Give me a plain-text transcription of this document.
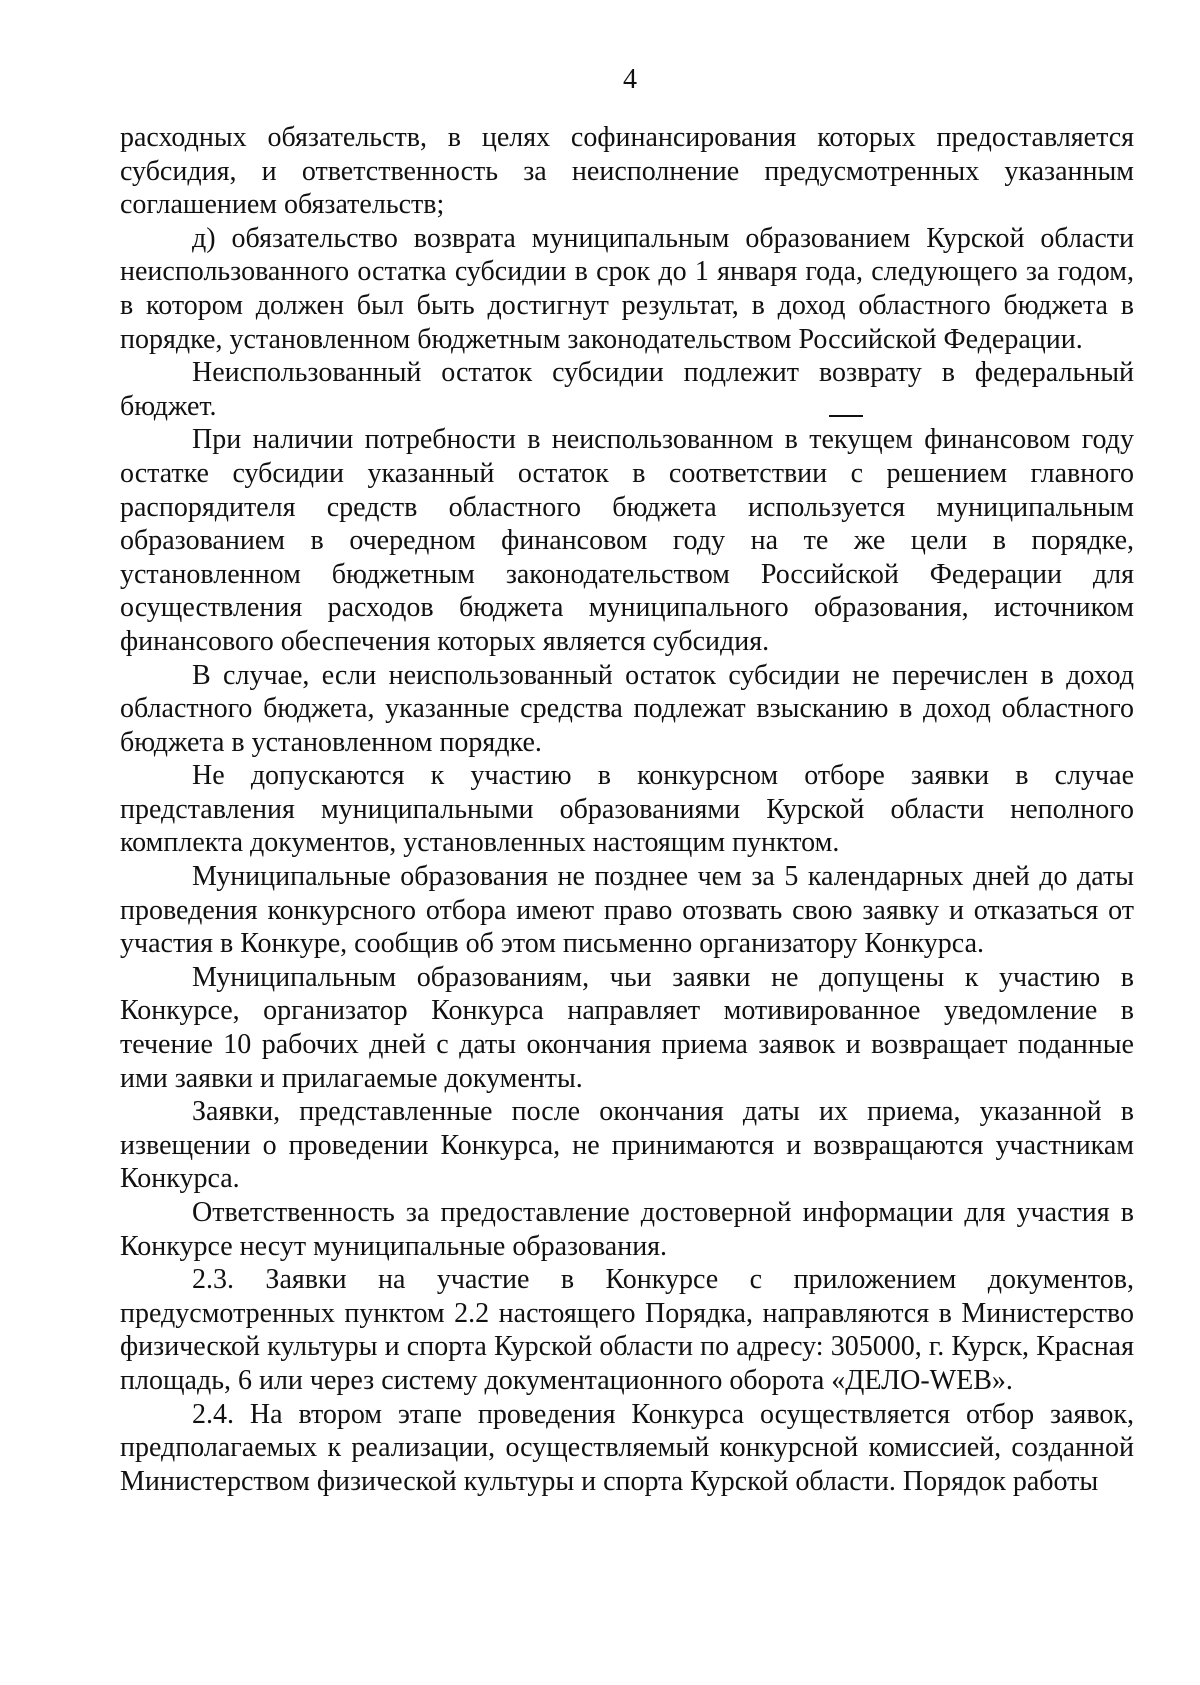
4

расходных обязательств, в целях софинансирования которых предоставляется субсидия, и ответственность за неисполнение предусмотренных указанным соглашением обязательств;

д) обязательство возврата муниципальным образованием Курской области неиспользованного остатка субсидии в срок до 1 января года, следующего за годом, в котором должен был быть достигнут результат, в доход областного бюджета в порядке, установленном бюджетным законодательством Российской Федерации.

Неиспользованный остаток субсидии подлежит возврату в федеральный бюджет.

При наличии потребности в неиспользованном в текущем финансовом году остатке субсидии указанный остаток в соответствии с решением главного распорядителя средств областного бюджета используется муниципальным образованием в очередном финансовом году на те же цели в порядке, установленном бюджетным законодательством Российской Федерации для осуществления расходов бюджета муниципального образования, источником финансового обеспечения которых является субсидия.

В случае, если неиспользованный остаток субсидии не перечислен в доход областного бюджета, указанные средства подлежат взысканию в доход областного бюджета в установленном порядке.

Не допускаются к участию в конкурсном отборе заявки в случае представления муниципальными образованиями Курской области неполного комплекта документов, установленных настоящим пунктом.

Муниципальные образования не позднее чем за 5 календарных дней до даты проведения конкурсного отбора имеют право отозвать свою заявку и отказаться от участия в Конкуре, сообщив об этом письменно организатору Конкурса.

Муниципальным образованиям, чьи заявки не допущены к участию в Конкурсе, организатор Конкурса направляет мотивированное уведомление в течение 10 рабочих дней с даты окончания приема заявок и возвращает поданные ими заявки и прилагаемые документы.

Заявки, представленные после окончания даты их приема, указанной в извещении о проведении Конкурса, не принимаются и возвращаются участникам Конкурса.

Ответственность за предоставление достоверной информации для участия в Конкурсе несут муниципальные образования.

2.3. Заявки на участие в Конкурсе с приложением документов, предусмотренных пунктом 2.2 настоящего Порядка, направляются в Министерство физической культуры и спорта Курской области по адресу: 305000, г. Курск, Красная площадь, 6 или через систему документационного оборота «ДЕЛО-WEB».

2.4. На втором этапе проведения Конкурса осуществляется отбор заявок, предполагаемых к реализации, осуществляемый конкурсной комиссией, созданной Министерством физической культуры и спорта Курской области. Порядок работы
